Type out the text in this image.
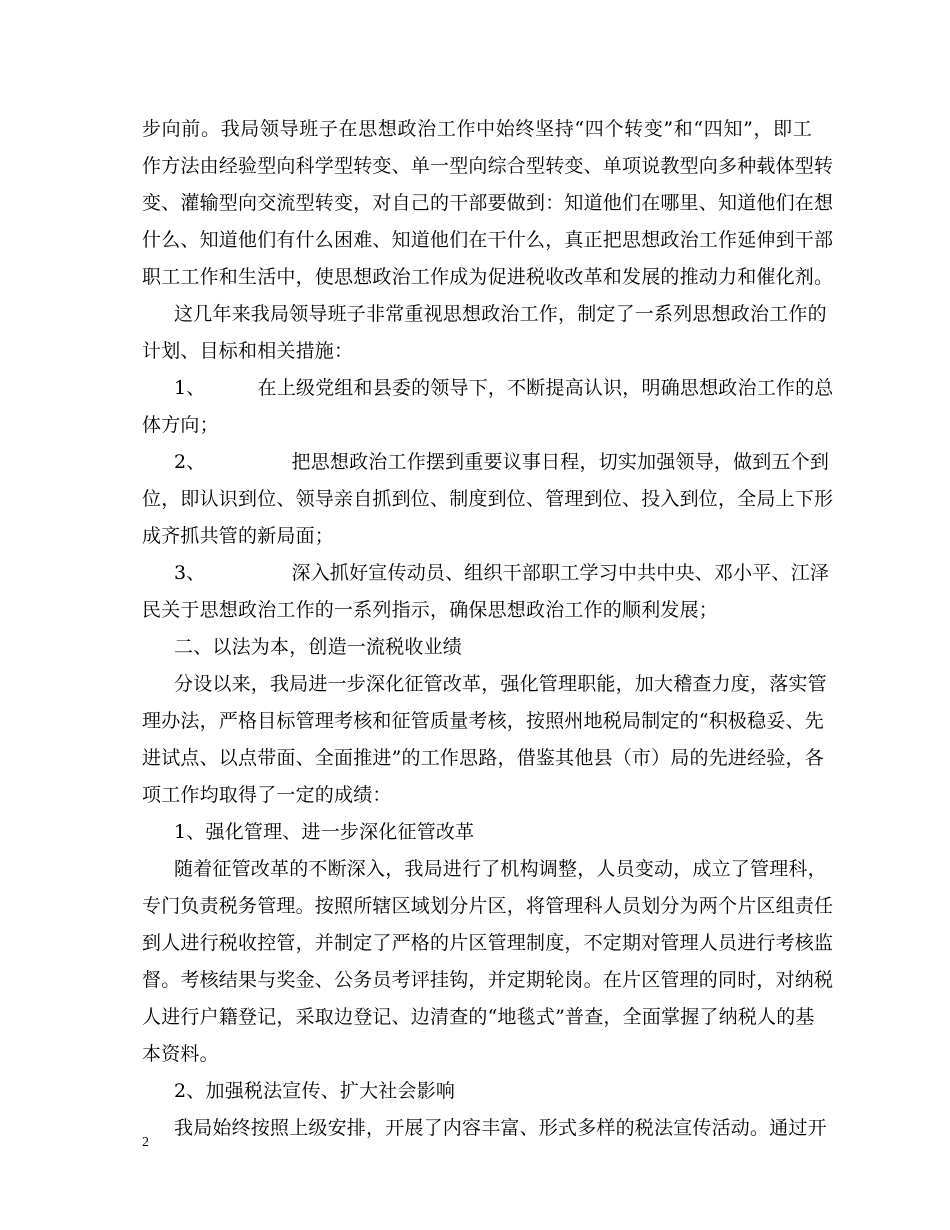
步向前。我局领导班子在思想政治工作中始终坚持“四个转变”和“四知”，即工
作方法由经验型向科学型转变、单一型向综合型转变、单项说教型向多种载体型转
变、灌输型向交流型转变，对自己的干部要做到：知道他们在哪里、知道他们在想
什么、知道他们有什么困难、知道他们在干什么，真正把思想政治工作延伸到干部
职工工作和生活中，使思想政治工作成为促进税收改革和发展的推动力和催化剂。
这几年来我局领导班子非常重视思想政治工作，制定了一系列思想政治工作的
计划、目标和相关措施：
1、	在上级党组和县委的领导下，不断提高认识，明确思想政治工作的总
体方向；
2、	把思想政治工作摆到重要议事日程，切实加强领导，做到五个到
位，即认识到位、领导亲自抓到位、制度到位、管理到位、投入到位，全局上下形
成齐抓共管的新局面；
3、	深入抓好宣传动员、组织干部职工学习中共中央、邓小平、江泽
民关于思想政治工作的一系列指示，确保思想政治工作的顺利发展；
二、以法为本，创造一流税收业绩
分设以来，我局进一步深化征管改革，强化管理职能，加大稽查力度，落实管
理办法，严格目标管理考核和征管质量考核，按照州地税局制定的“积极稳妥、先
进试点、以点带面、全面推进”的工作思路，借鉴其他县（市）局的先进经验，各
项工作均取得了一定的成绩：
1、强化管理、进一步深化征管改革
随着征管改革的不断深入，我局进行了机构调整，人员变动，成立了管理科，
专门负责税务管理。按照所辖区域划分片区，将管理科人员划分为两个片区组责任
到人进行税收控管，并制定了严格的片区管理制度，不定期对管理人员进行考核监
督。考核结果与奖金、公务员考评挂钩，并定期轮岗。在片区管理的同时，对纳税
人进行户籍登记，采取边登记、边清查的“地毯式”普查，全面掌握了纳税人的基
本资料。
2、加强税法宣传、扩大社会影响
我局始终按照上级安排，开展了内容丰富、形式多样的税法宣传活动。通过开
2
